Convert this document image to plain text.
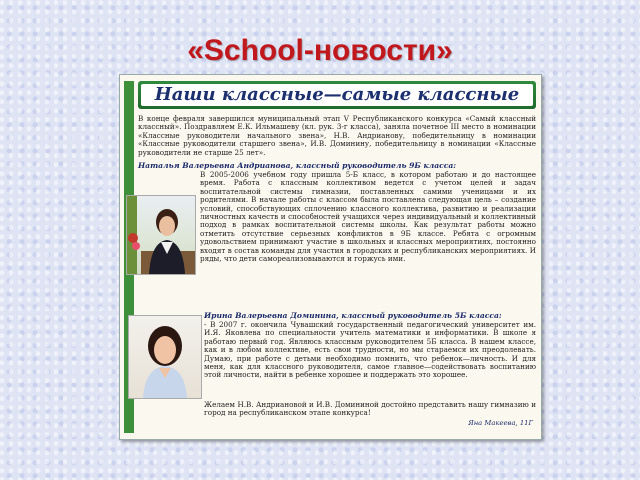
«School-новости»
Наши классные—самые классные

В конце февраля завершился муниципальный этап V Республиканского конкурса «Самый классный классный». Поздравляем Е.К. Ильмашеву (кл. рук. 3-г класса), заняла почетное III место в номинации «Классные руководители начального звена», Н.В. Андрианову, победительницу в номинации «Классные руководители старшего звена», И.В. Доминину, победительницу в номинации «Классные руководители не старше 25 лет».

Наталья Валерьевна Андрианова, классный руководитель 9Б класса:

В 2005-2006 учебном году пришла 5-Б класс, в котором работаю и до настоящее время. Работа с классным коллективом ведется с учетом целей и задач воспитательной системы гимназии, поставленных самими ученицами и их родителями. В начале работы с классом была поставлена следующая цель – создание условий, способствующих сплочению классного коллектива, развитию и реализации личностных качеств и способностей учащихся через индивидуальный и коллективный подход в рамках воспитательной системы школы. Как результат работы можно отметить отсутствие серьезных конфликтов в 9Б классе. Ребята с огромным удовольствием принимают участие в школьных и классных мероприятиях, постоянно входят в состав команды для участия в городских и республиканских мероприятиях. И ряды, что дети самореализовываются и горжусь ими.

Ирина Валерьевна Доминина, классный руководитель 5Б класса:

- В 2007 г. окончила Чувашский государственный педагогический университет им. И.Я. Яковлева по специальности учитель математики и информатики. В школе я работаю первый год. Являюсь классным руководителем 5Б класса. В нашем классе, как и в любом коллективе, есть свои трудности, но мы стараемся их преодолевать. Думаю, при работе с детьми необходимо помнить, что ребенок—личность. И для меня, как для классного руководителя, самое главное—содействовать воспитанию этой личности, найти в ребенке хорошее и поддержать это хорошее.

Желаем Н.В. Андриановой и И.В. Домининой достойно представить нашу гимназию и город на республиканском этапе конкурса!

Яна Макеева, 11Г
